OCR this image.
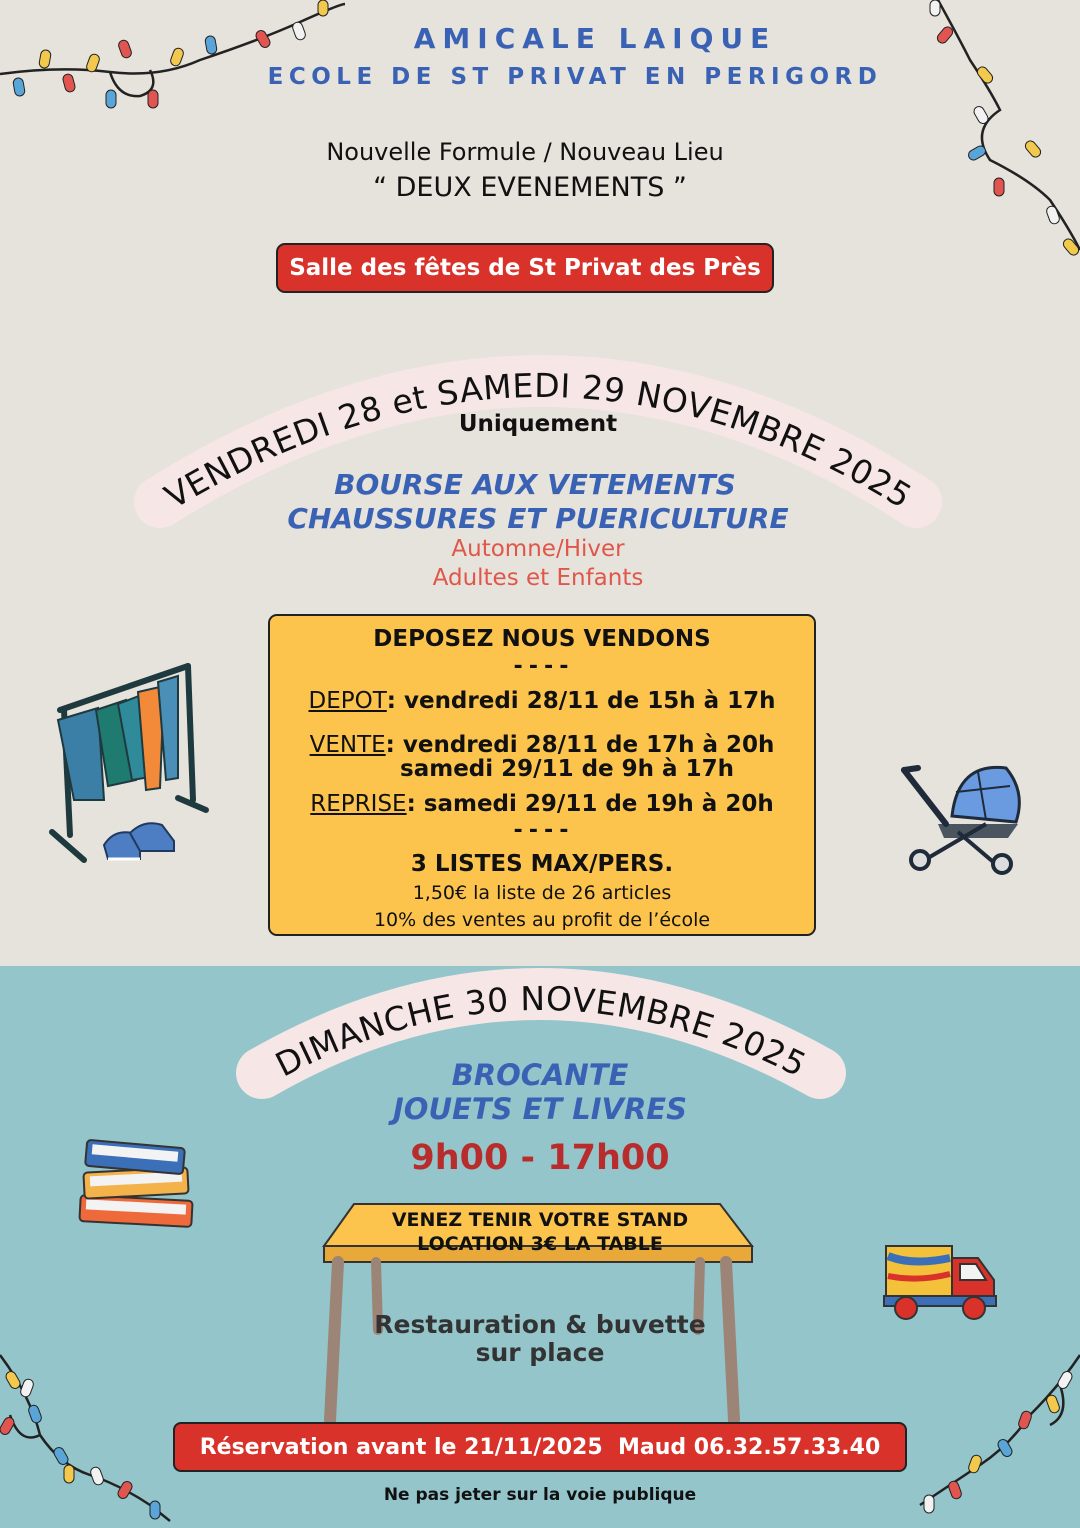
AMICALE LAIQUE
ECOLE DE ST PRIVAT EN PERIGORD
Nouvelle Formule / Nouveau Lieu
“ DEUX EVENEMENTS ”
Salle des fêtes de St Privat des Près
VENDREDI 28 et SAMEDI 29 NOVEMBRE 2025
Uniquement
BOURSE AUX VETEMENTS
CHAUSSURES ET PUERICULTURE
Automne/Hiver
Adultes et Enfants
DEPOSEZ NOUS VENDONS
----
DEPOT: vendredi 28/11 de 15h à 17h
VENTE: vendredi 28/11 de 17h à 20h
samedi 29/11 de 9h à 17h
REPRISE: samedi 29/11 de 19h à 20h
----
3 LISTES MAX/PERS.
1,50€ la liste de 26 articles
10% des ventes au profit de l’école
DIMANCHE 30 NOVEMBRE 2025
BROCANTE
JOUETS ET LIVRES
9h00 - 17h00
VENEZ TENIR VOTRE STAND
LOCATION 3€ LA TABLE
Restauration & buvette
sur place
Réservation avant le 21/11/2025  Maud 06.32.57.33.40
Ne pas jeter sur la voie publique
